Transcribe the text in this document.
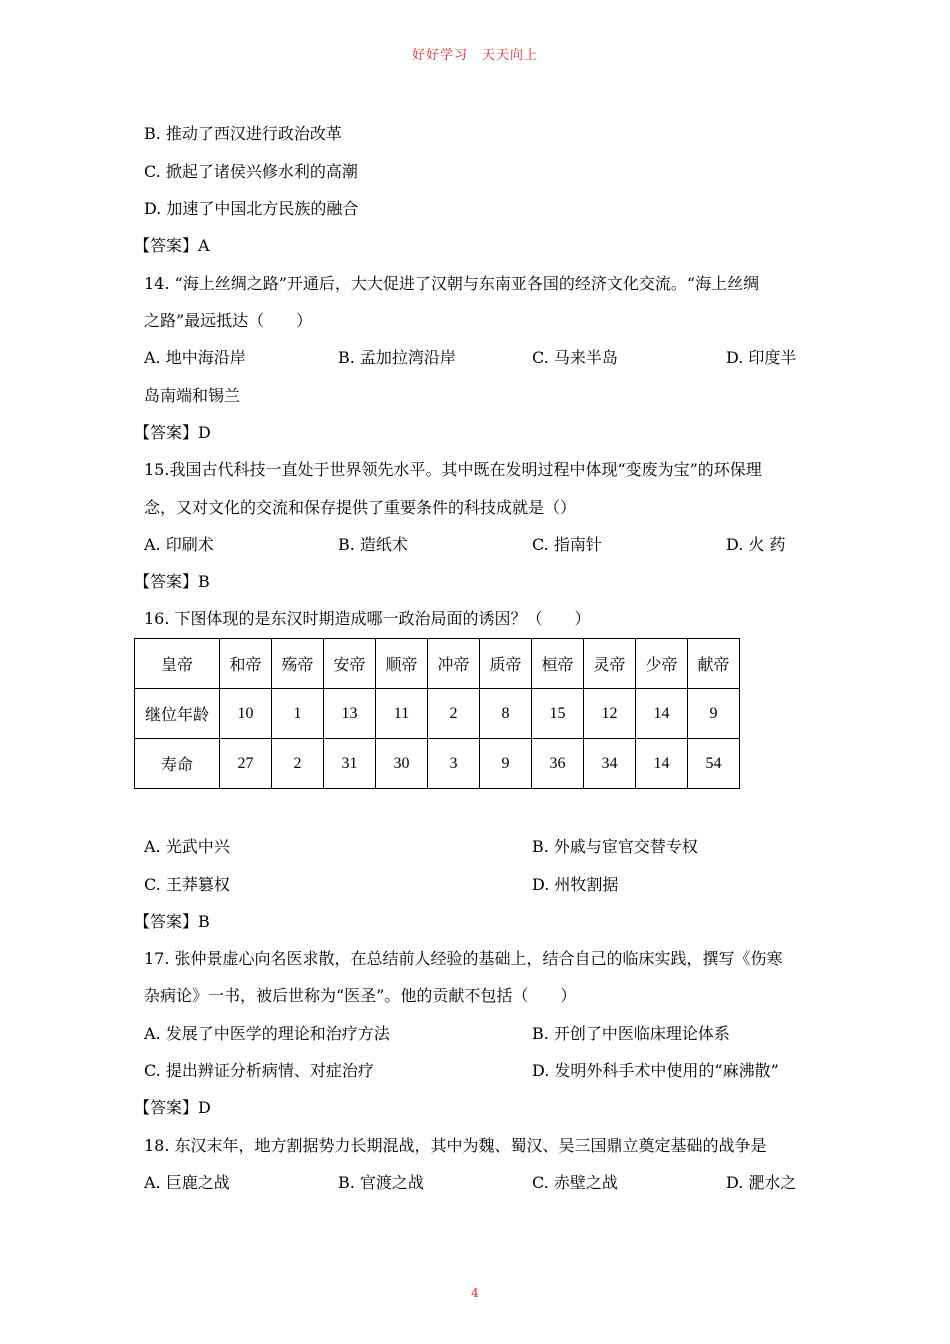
好好学习　天天向上
B. 推动了西汉进行政治改革
C. 掀起了诸侯兴修水利的高潮
D. 加速了中国北方民族的融合
【答案】A
14. “海上丝绸之路”开通后，大大促进了汉朝与东南亚各国的经济文化交流。“海上丝绸
之路”最远抵达（　　）
A. 地中海沿岸	B. 孟加拉湾沿岸	C. 马来半岛	D. 印度半
岛南端和锡兰
【答案】D
15.我国古代科技一直处于世界领先水平。其中既在发明过程中体现“变废为宝”的环保理
念，又对文化的交流和保存提供了重要条件的科技成就是（）
A. 印刷术	B. 造纸术	C. 指南针	D. 火 药
【答案】B
16. 下图体现的是东汉时期造成哪一政治局面的诱因？（　　）
皇帝	和帝	殇帝	安帝	顺帝	冲帝	质帝	桓帝	灵帝	少帝	献帝
继位年龄	10	1	13	11	2	8	15	12	14	9
寿命	27	2	31	30	3	9	36	34	14	54
A. 光武中兴	B. 外戚与宦官交替专权
C. 王莽篡权	D. 州牧割据
【答案】B
17. 张仲景虚心向名医求散，在总结前人经验的基础上，结合自己的临床实践，撰写《伤寒
杂病论》一书，被后世称为“医圣”。他的贡献不包括（　　）
A. 发展了中医学的理论和治疗方法	B. 开创了中医临床理论体系
C. 提出辨证分析病情、对症治疗	D. 发明外科手术中使用的“麻沸散”
【答案】D
18. 东汉末年，地方割据势力长期混战，其中为魏、蜀汉、吴三国鼎立奠定基础的战争是
A. 巨鹿之战	B. 官渡之战	C. 赤壁之战	D. 淝水之
4
